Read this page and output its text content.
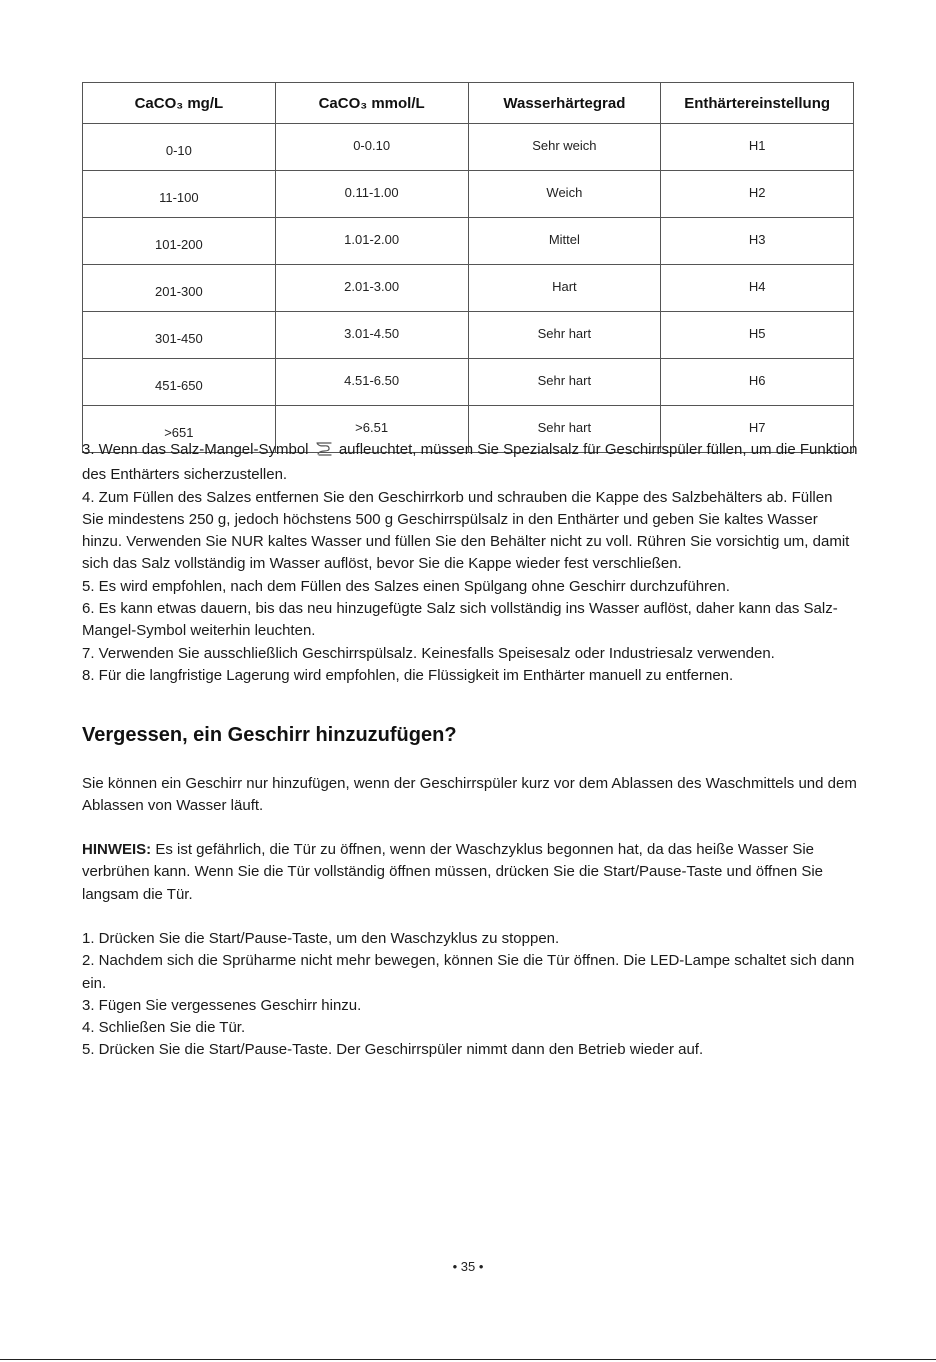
CaCO₃ mg/L	CaCO₃ mmol/L	Wasserhärtegrad	Enthärtereinstellung
0-10	0-0.10	Sehr weich	H1
11-100	0.11-1.00	Weich	H2
101-200	1.01-2.00	Mittel	H3
201-300	2.01-3.00	Hart	H4
301-450	3.01-4.50	Sehr hart	H5
451-650	4.51-6.50	Sehr hart	H6
>651	>6.51	Sehr hart	H7

3. Wenn das Salz-Mangel-Symbol aufleuchtet, müssen Sie Spezialsalz für Geschirrspüler füllen, um die Funktion des Enthärters sicherzustellen.

4. Zum Füllen des Salzes entfernen Sie den Geschirrkorb und schrauben die Kappe des Salzbehälters ab. Füllen Sie mindestens 250 g, jedoch höchstens 500 g Geschirrspülsalz in den Enthärter und geben Sie kaltes Wasser hinzu. Verwenden Sie NUR kaltes Wasser und füllen Sie den Behälter nicht zu voll. Rühren Sie vorsichtig um, damit sich das Salz vollständig im Wasser auflöst, bevor Sie die Kappe wieder fest verschließen.

5. Es wird empfohlen, nach dem Füllen des Salzes einen Spülgang ohne Geschirr durchzuführen.

6. Es kann etwas dauern, bis das neu hinzugefügte Salz sich vollständig ins Wasser auflöst, daher kann das Salz-Mangel-Symbol weiterhin leuchten.

7. Verwenden Sie ausschließlich Geschirrspülsalz. Keinesfalls Speisesalz oder Industriesalz verwenden.

8. Für die langfristige Lagerung wird empfohlen, die Flüssigkeit im Enthärter manuell zu entfernen.

Vergessen, ein Geschirr hinzuzufügen?

Sie können ein Geschirr nur hinzufügen, wenn der Geschirrspüler kurz vor dem Ablassen des Waschmittels und dem Ablassen von Wasser läuft.

HINWEIS: Es ist gefährlich, die Tür zu öffnen, wenn der Waschzyklus begonnen hat, da das heiße Wasser Sie verbrühen kann. Wenn Sie die Tür vollständig öffnen müssen, drücken Sie die Start/Pause-Taste und öffnen Sie langsam die Tür.

1. Drücken Sie die Start/Pause-Taste, um den Waschzyklus zu stoppen.

2. Nachdem sich die Sprüharme nicht mehr bewegen, können Sie die Tür öffnen. Die LED-Lampe schaltet sich dann ein.

3. Fügen Sie vergessenes Geschirr hinzu.

4. Schließen Sie die Tür.

5. Drücken Sie die Start/Pause-Taste. Der Geschirrspüler nimmt dann den Betrieb wieder auf.

• 35 •
